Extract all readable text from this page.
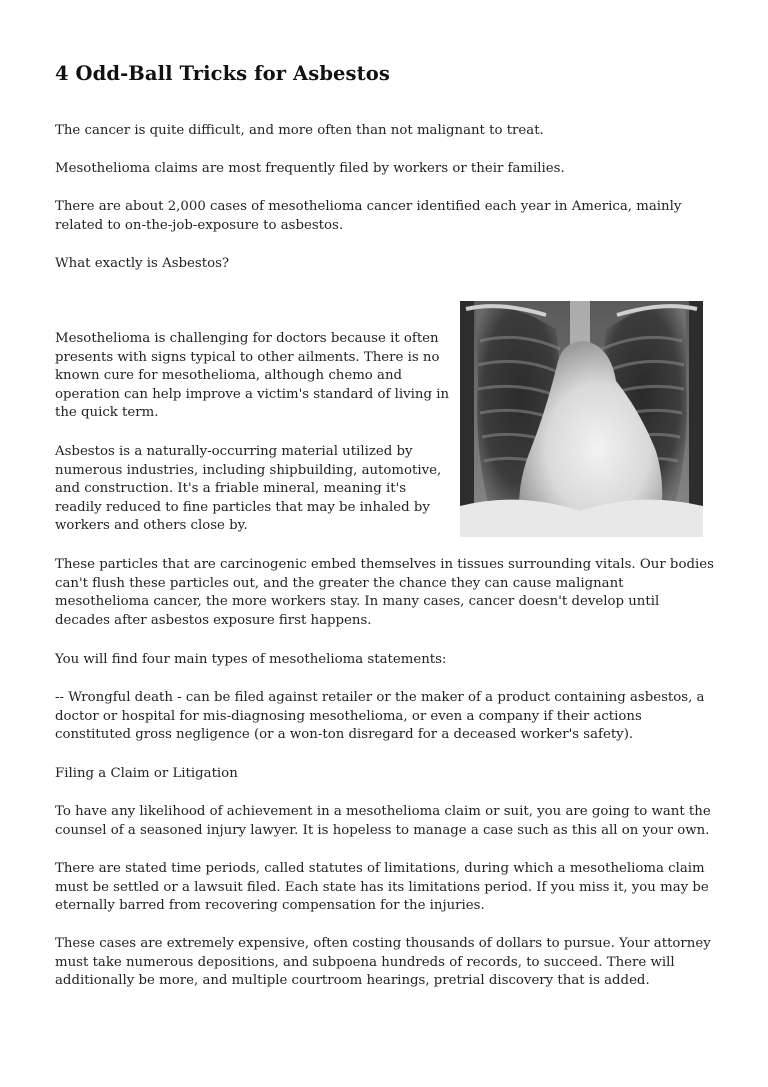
4 Odd-Ball Tricks for Asbestos

The cancer is quite difficult, and more often than not malignant to treat.

Mesothelioma claims are most frequently filed by workers or their families.

There are about 2,000 cases of mesothelioma cancer identified each year in America, mainly related to on-the-job-exposure to asbestos.

What exactly is Asbestos?

Mesothelioma is challenging for doctors because it often presents with signs typical to other ailments. There is no known cure for mesothelioma, although chemo and operation can help improve a victim's standard of living in the quick term.

Asbestos is a naturally-occurring material utilized by numerous industries, including shipbuilding, automotive, and construction. It's a friable mineral, meaning it's readily reduced to fine particles that may be inhaled by workers and others close by.

These particles that are carcinogenic embed themselves in tissues surrounding vitals. Our bodies can't flush these particles out, and the greater the chance they can cause malignant mesothelioma cancer, the more workers stay. In many cases, cancer doesn't develop until decades after asbestos exposure first happens.

You will find four main types of mesothelioma statements:

-- Wrongful death - can be filed against retailer or the maker of a product containing asbestos, a doctor or hospital for mis-diagnosing mesothelioma, or even a company if their actions constituted gross negligence (or a won-ton disregard for a deceased worker's safety).

Filing a Claim or Litigation

To have any likelihood of achievement in a mesothelioma claim or suit, you are going to want the counsel of a seasoned injury lawyer. It is hopeless to manage a case such as this all on your own.

There are stated time periods, called statutes of limitations, during which a mesothelioma claim must be settled or a lawsuit filed. Each state has its limitations period. If you miss it, you may be eternally barred from recovering compensation for the injuries.

These cases are extremely expensive, often costing thousands of dollars to pursue. Your attorney must take numerous depositions, and subpoena hundreds of records, to succeed. There will additionally be more, and multiple courtroom hearings, pretrial discovery that is added.
